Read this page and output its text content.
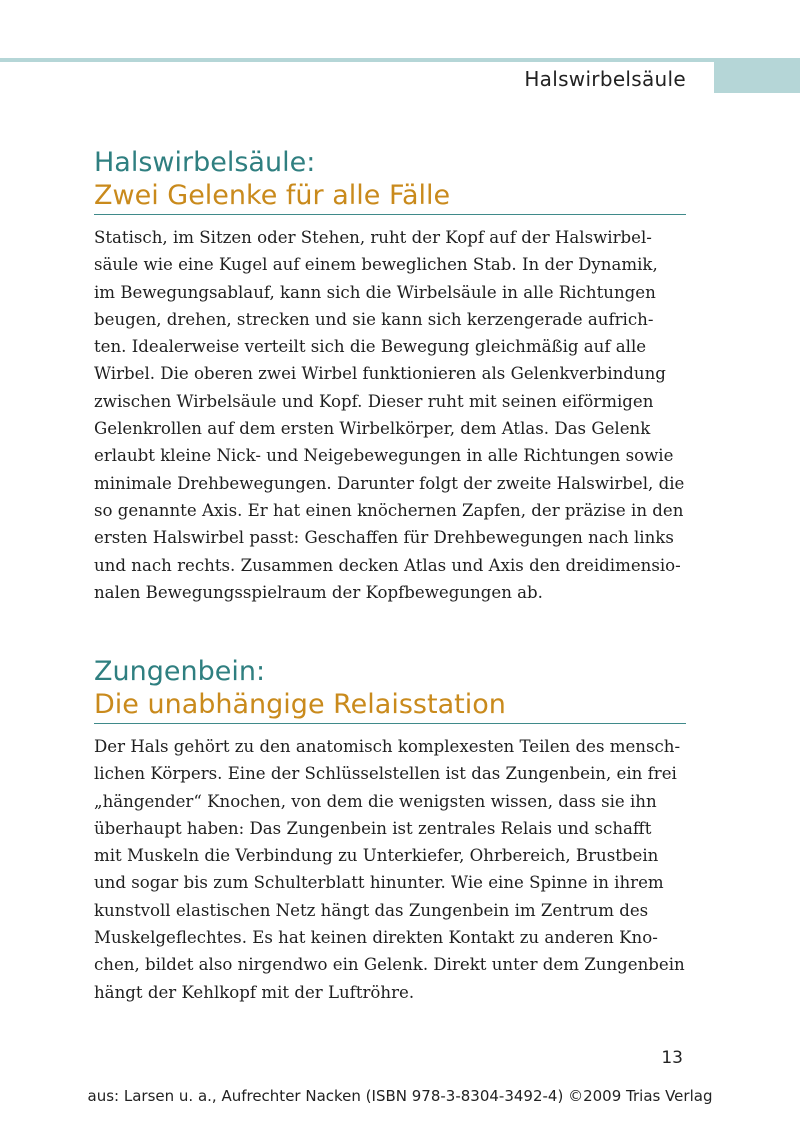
Halswirbelsäule
Halswirbelsäule:
Zwei Gelenke für alle Fälle

Statisch, im Sitzen oder Stehen, ruht der Kopf auf der Halswirbel-
säule wie eine Kugel auf einem beweglichen Stab. In der Dynamik,
im Bewegungsablauf, kann sich die Wirbelsäule in alle Richtungen
beugen, drehen, strecken und sie kann sich kerzengerade aufrich-
ten. Idealerweise verteilt sich die Bewegung gleichmäßig auf alle
Wirbel. Die oberen zwei Wirbel funktionieren als Gelenkverbindung
zwischen Wirbelsäule und Kopf. Dieser ruht mit seinen eiförmigen
Gelenkrollen auf dem ersten Wirbelkörper, dem Atlas. Das Gelenk
erlaubt kleine Nick- und Neigebewegungen in alle Richtungen sowie
minimale Drehbewegungen. Darunter folgt der zweite Halswirbel, die
so genannte Axis. Er hat einen knöchernen Zapfen, der präzise in den
ersten Halswirbel passt: Geschaffen für Drehbewegungen nach links
und nach rechts. Zusammen decken Atlas und Axis den dreidimensio-
nalen Bewegungsspielraum der Kopfbewegungen ab.

Zungenbein:
Die unabhängige Relaisstation

Der Hals gehört zu den anatomisch komplexesten Teilen des mensch-
lichen Körpers. Eine der Schlüsselstellen ist das Zungenbein, ein frei
„hängender“ Knochen, von dem die wenigsten wissen, dass sie ihn
überhaupt haben: Das Zungenbein ist zentrales Relais und schafft
mit Muskeln die Verbindung zu Unterkiefer, Ohrbereich, Brustbein
und sogar bis zum Schulterblatt hinunter. Wie eine Spinne in ihrem
kunstvoll elastischen Netz hängt das Zungenbein im Zentrum des
Muskelgeflechtes. Es hat keinen direkten Kontakt zu anderen Kno-
chen, bildet also nirgendwo ein Gelenk. Direkt unter dem Zungenbein
hängt der Kehlkopf mit der Luftröhre.

13
aus: Larsen u. a., Aufrechter Nacken (ISBN 978-3-8304-3492-4) ©2009 Trias Verlag
